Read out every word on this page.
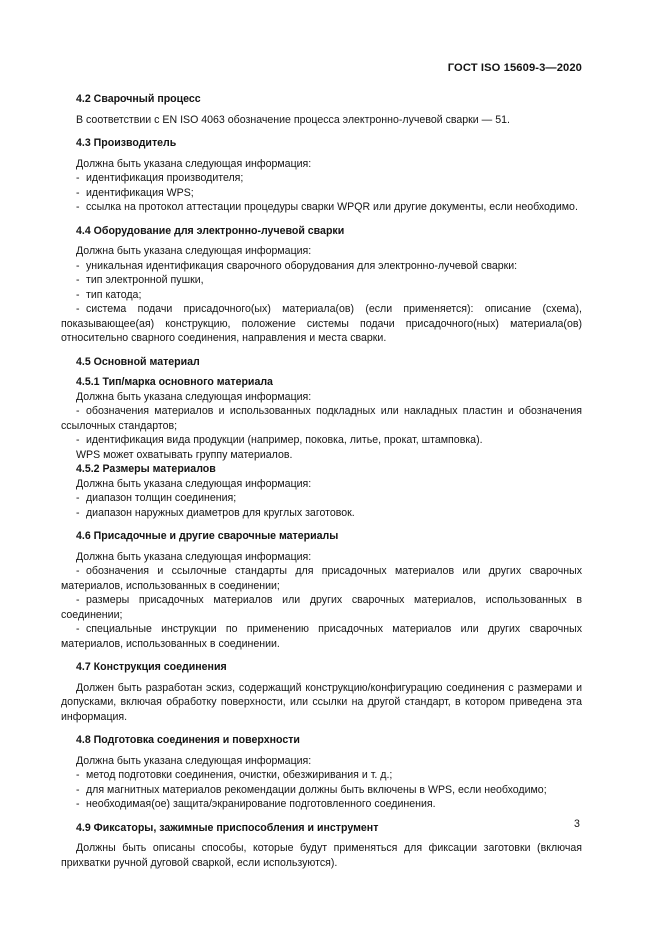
ГОСТ ISO 15609-3—2020

4.2 Сварочный процесс

В соответствии с EN ISO 4063 обозначение процесса электронно-лучевой сварки — 51.

4.3 Производитель

Должна быть указана следующая информация:

- идентификация производителя;

- идентификация WPS;

- ссылка на протокол аттестации процедуры сварки WPQR или другие документы, если необходимо.

4.4 Оборудование для электронно-лучевой сварки

Должна быть указана следующая информация:

- уникальная идентификация сварочного оборудования для электронно-лучевой сварки:

- тип электронной пушки,

- тип катода;

- система подачи присадочного(ых) материала(ов) (если применяется): описание (схема), показывающее(ая) конструкцию, положение системы подачи присадочного(ных) материала(ов) относительно сварного соединения, направления и места сварки.

4.5 Основной материал

4.5.1 Тип/марка основного материала

Должна быть указана следующая информация:

- обозначения материалов и использованных подкладных или накладных пластин и обозначения ссылочных стандартов;

- идентификация вида продукции (например, поковка, литье, прокат, штамповка).

WPS может охватывать группу материалов.

4.5.2 Размеры материалов

Должна быть указана следующая информация:

- диапазон толщин соединения;

- диапазон наружных диаметров для круглых заготовок.

4.6 Присадочные и другие сварочные материалы

Должна быть указана следующая информация:

- обозначения и ссылочные стандарты для присадочных материалов или других сварочных материалов, использованных в соединении;

- размеры присадочных материалов или других сварочных материалов, использованных в соединении;

- специальные инструкции по применению присадочных материалов или других сварочных материалов, использованных в соединении.

4.7 Конструкция соединения

Должен быть разработан эскиз, содержащий конструкцию/конфигурацию соединения с размерами и допусками, включая обработку поверхности, или ссылки на другой стандарт, в котором приведена эта информация.

4.8 Подготовка соединения и поверхности

Должна быть указана следующая информация:

- метод подготовки соединения, очистки, обезжиривания и т. д.;

- для магнитных материалов рекомендации должны быть включены в WPS, если необходимо;

- необходимая(ое) защита/экранирование подготовленного соединения.

4.9 Фиксаторы, зажимные приспособления и инструмент

Должны быть описаны способы, которые будут применяться для фиксации заготовки (включая прихватки ручной дуговой сваркой, если используются).

3
